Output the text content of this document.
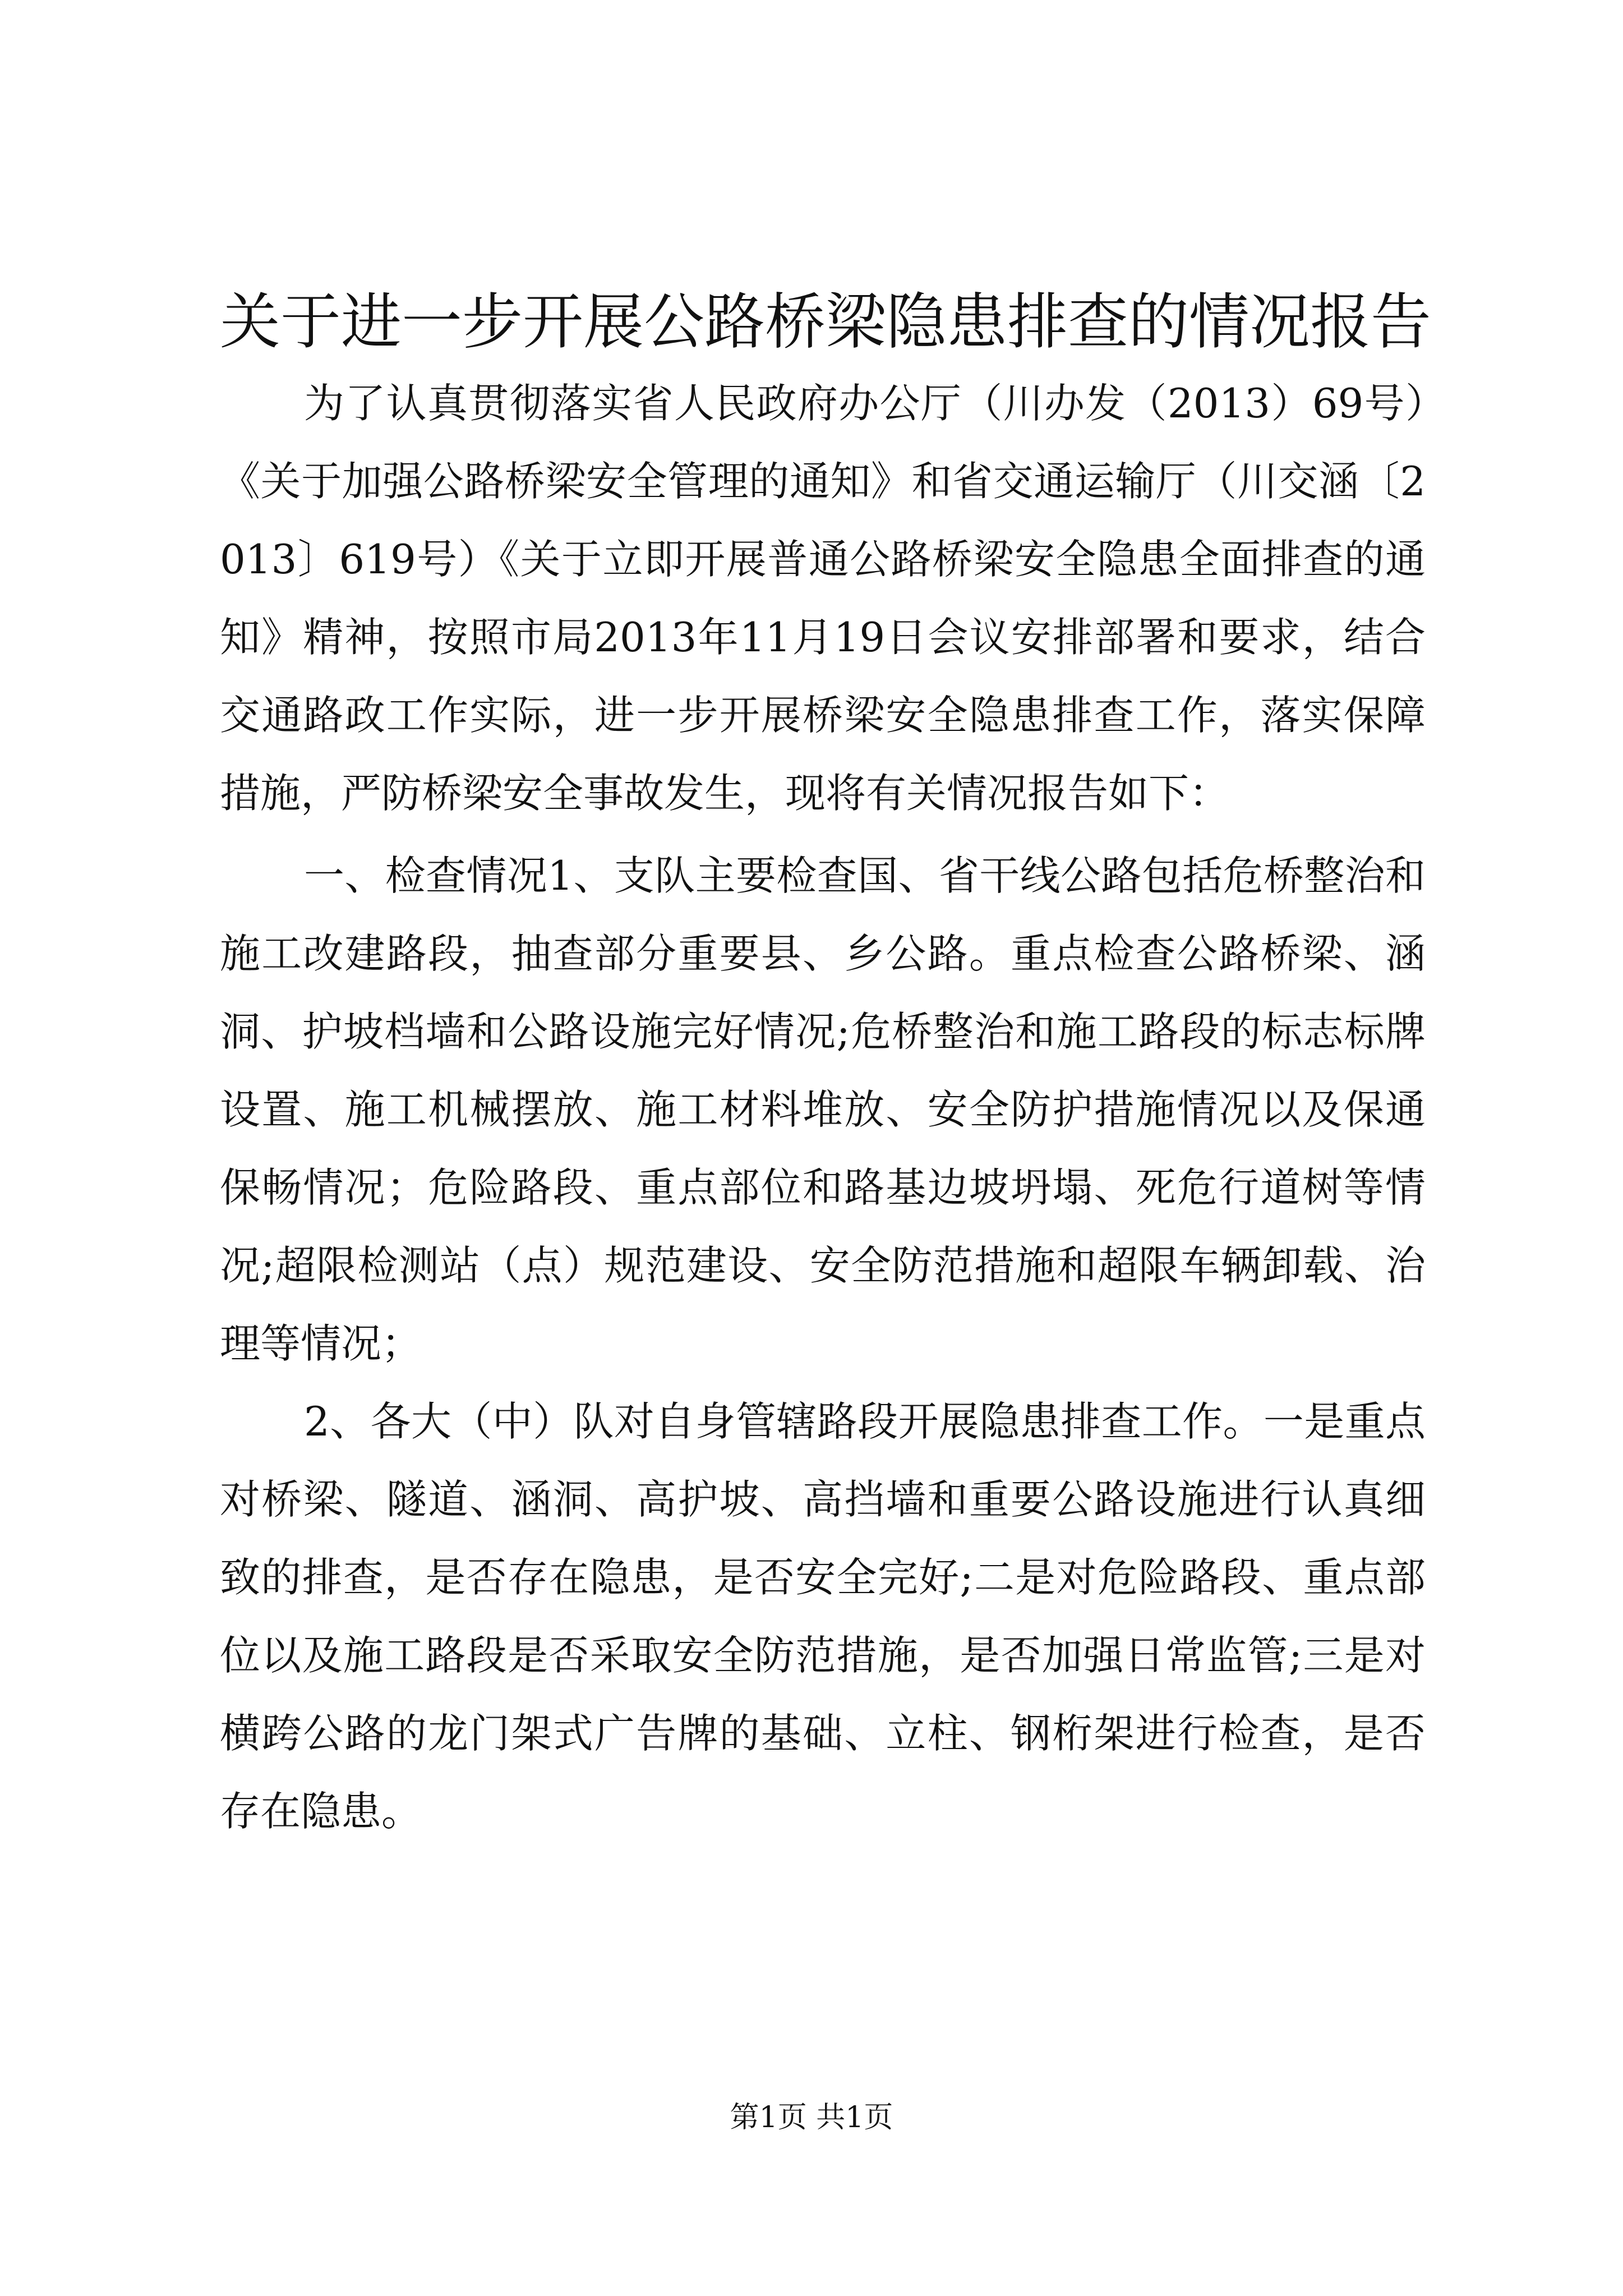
关于进一步开展公路桥梁隐患排查的情况报告

为了认真贯彻落实省人民政府办公厅（川办发（2013）69号）《关于加强公路桥梁安全管理的通知》和省交通运输厅（川交涵〔2013〕619号）《关于立即开展普通公路桥梁安全隐患全面排查的通知》精神，按照市局2013年11月19日会议安排部署和要求，结合交通路政工作实际，进一步开展桥梁安全隐患排查工作，落实保障措施，严防桥梁安全事故发生，现将有关情况报告如下：

一、检查情况1、支队主要检查国、省干线公路包括危桥整治和施工改建路段，抽查部分重要县、乡公路。重点检查公路桥梁、涵洞、护坡档墙和公路设施完好情况;危桥整治和施工路段的标志标牌设置、施工机械摆放、施工材料堆放、安全防护措施情况以及保通保畅情况；危险路段、重点部位和路基边坡坍塌、死危行道树等情况;超限检测站（点）规范建设、安全防范措施和超限车辆卸载、治理等情况；

2、各大（中）队对自身管辖路段开展隐患排查工作。一是重点对桥梁、隧道、涵洞、高护坡、高挡墙和重要公路设施进行认真细致的排查，是否存在隐患，是否安全完好;二是对危险路段、重点部位以及施工路段是否采取安全防范措施，是否加强日常监管;三是对横跨公路的龙门架式广告牌的基础、立柱、钢桁架进行检查，是否存在隐患。

第1页 共1页
